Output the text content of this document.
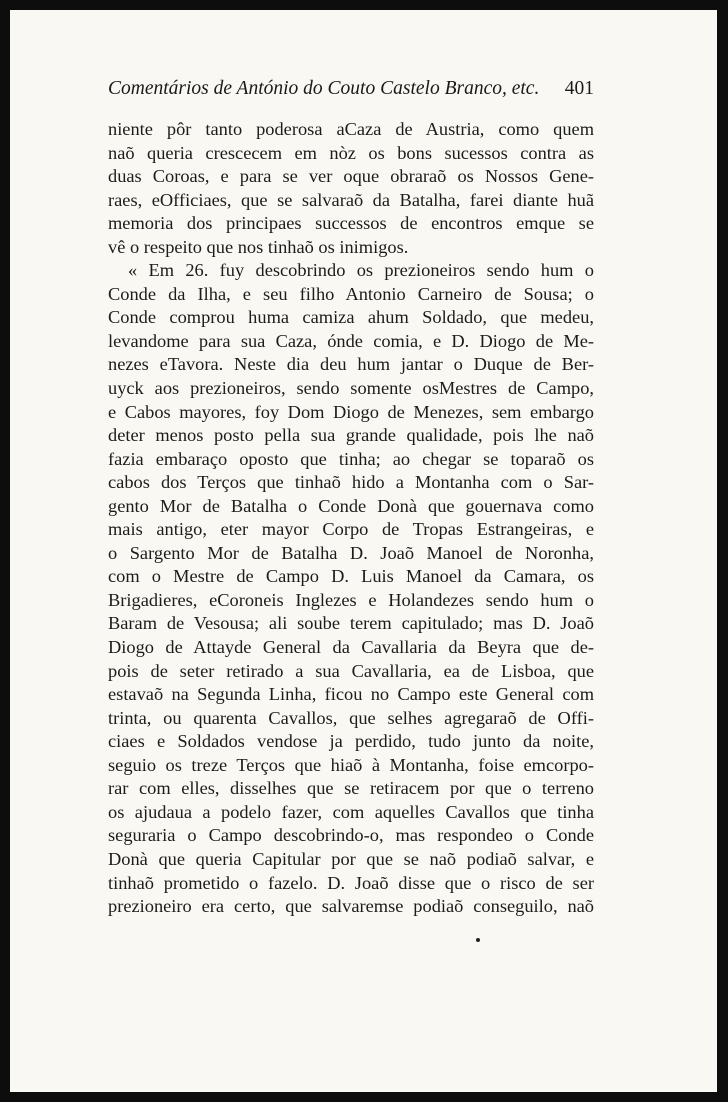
Comentários de António do Couto Castelo Branco, etc. 401
niente pôr tanto poderosa aCaza de Austria, como quem
naõ queria crescecem em nòz os bons sucessos contra as
duas Coroas, e para se ver oque obraraõ os Nossos Gene-
raes, eOfficiaes, que se salvaraõ da Batalha, farei diante huã
memoria dos principaes successos de encontros emque se
vê o respeito que nos tinhaõ os inimigos.
« Em 26. fuy descobrindo os prezioneiros sendo hum o
Conde da Ilha, e seu filho Antonio Carneiro de Sousa; o
Conde comprou huma camiza ahum Soldado, que medeu,
levandome para sua Caza, ónde comia, e D. Diogo de Me-
nezes eTavora. Neste dia deu hum jantar o Duque de Ber-
uyck aos prezioneiros, sendo somente osMestres de Campo,
e Cabos mayores, foy Dom Diogo de Menezes, sem embargo
deter menos posto pella sua grande qualidade, pois lhe naõ
fazia embaraço oposto que tinha; ao chegar se toparaõ os
cabos dos Terços que tinhaõ hido a Montanha com o Sar-
gento Mor de Batalha o Conde Donà que gouernava como
mais antigo, eter mayor Corpo de Tropas Estrangeiras, e
o Sargento Mor de Batalha D. Joaõ Manoel de Noronha,
com o Mestre de Campo D. Luis Manoel da Camara, os
Brigadieres, eCoroneis Inglezes e Holandezes sendo hum o
Baram de Vesousa; ali soube terem capitulado; mas D. Joaõ
Diogo de Attayde General da Cavallaria da Beyra que de-
pois de seter retirado a sua Cavallaria, ea de Lisboa, que
estavaõ na Segunda Linha, ficou no Campo este General com
trinta, ou quarenta Cavallos, que selhes agregaraõ de Offi-
ciaes e Soldados vendose ja perdido, tudo junto da noite,
seguio os treze Terços que hiaõ à Montanha, foise emcorpo-
rar com elles, disselhes que se retiracem por que o terreno
os ajudaua a podelo fazer, com aquelles Cavallos que tinha
seguraria o Campo descobrindo-o, mas respondeo o Conde
Donà que queria Capitular por que se naõ podiaõ salvar, e
tinhaõ prometido o fazelo. D. Joaõ disse que o risco de ser
prezioneiro era certo, que salvaremse podiaõ conseguilo, naõ
